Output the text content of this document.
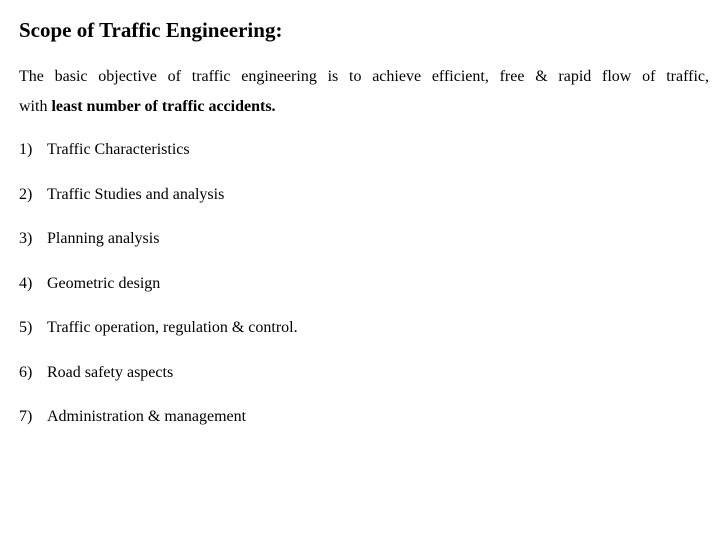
Scope of Traffic Engineering:
The basic objective of traffic engineering is to achieve efficient, free & rapid flow of traffic,
with least number of traffic accidents.
1) Traffic Characteristics
2) Traffic Studies and analysis
3) Planning analysis
4) Geometric design
5) Traffic operation, regulation & control.
6) Road safety aspects
7) Administration & management
